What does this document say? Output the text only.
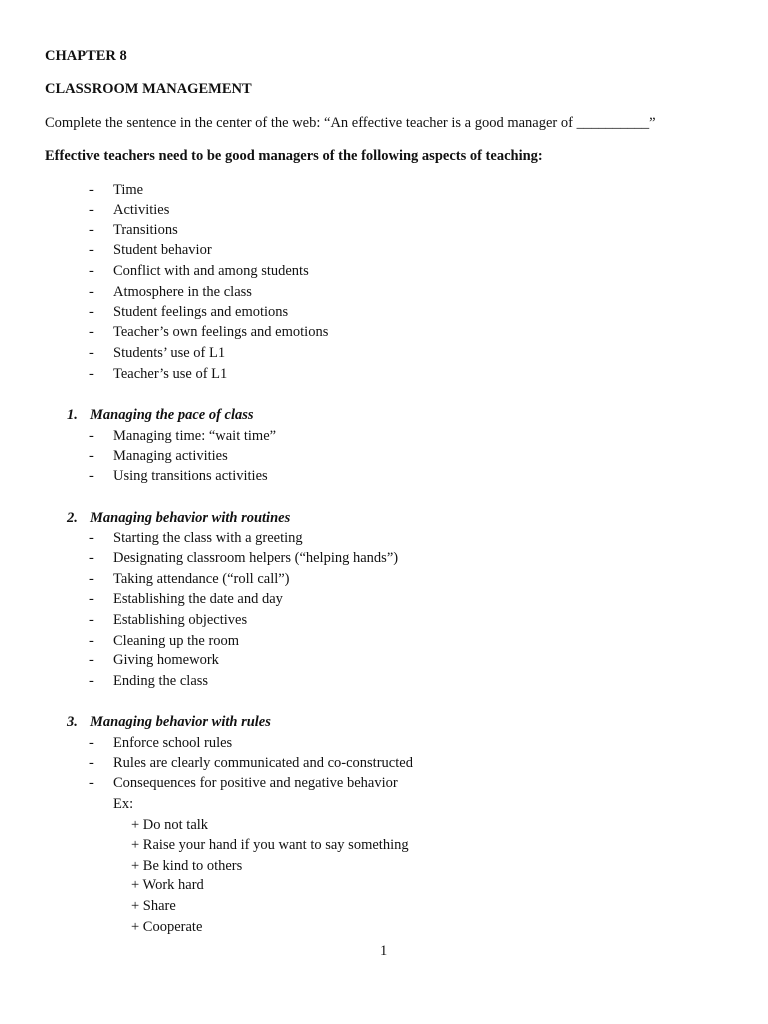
CHAPTER 8
CLASSROOM MANAGEMENT
Complete the sentence in the center of the web: “An effective teacher is a good manager of __________”
Effective teachers need to be good managers of the following aspects of teaching:
-	Time
-	Activities
-	Transitions
-	Student behavior
-	Conflict with and among students
-	Atmosphere in the class
-	Student feelings and emotions
-	Teacher’s own feelings and emotions
-	Students’ use of L1
-	Teacher’s use of L1
1. Managing the pace of class
-	Managing time: “wait time”
-	Managing activities
-	Using transitions activities
2. Managing behavior with routines
-	Starting the class with a greeting
-	Designating classroom helpers (“helping hands”)
-	Taking attendance (“roll call”)
-	Establishing the date and day
-	Establishing objectives
-	Cleaning up the room
-	Giving homework
-	Ending the class
3. Managing behavior with rules
-	Enforce school rules
-	Rules are clearly communicated and co-constructed
-	Consequences for positive and negative behavior
Ex:
+ Do not talk
+ Raise your hand if you want to say something
+ Be kind to others
+ Work hard
+ Share
+ Cooperate
1
